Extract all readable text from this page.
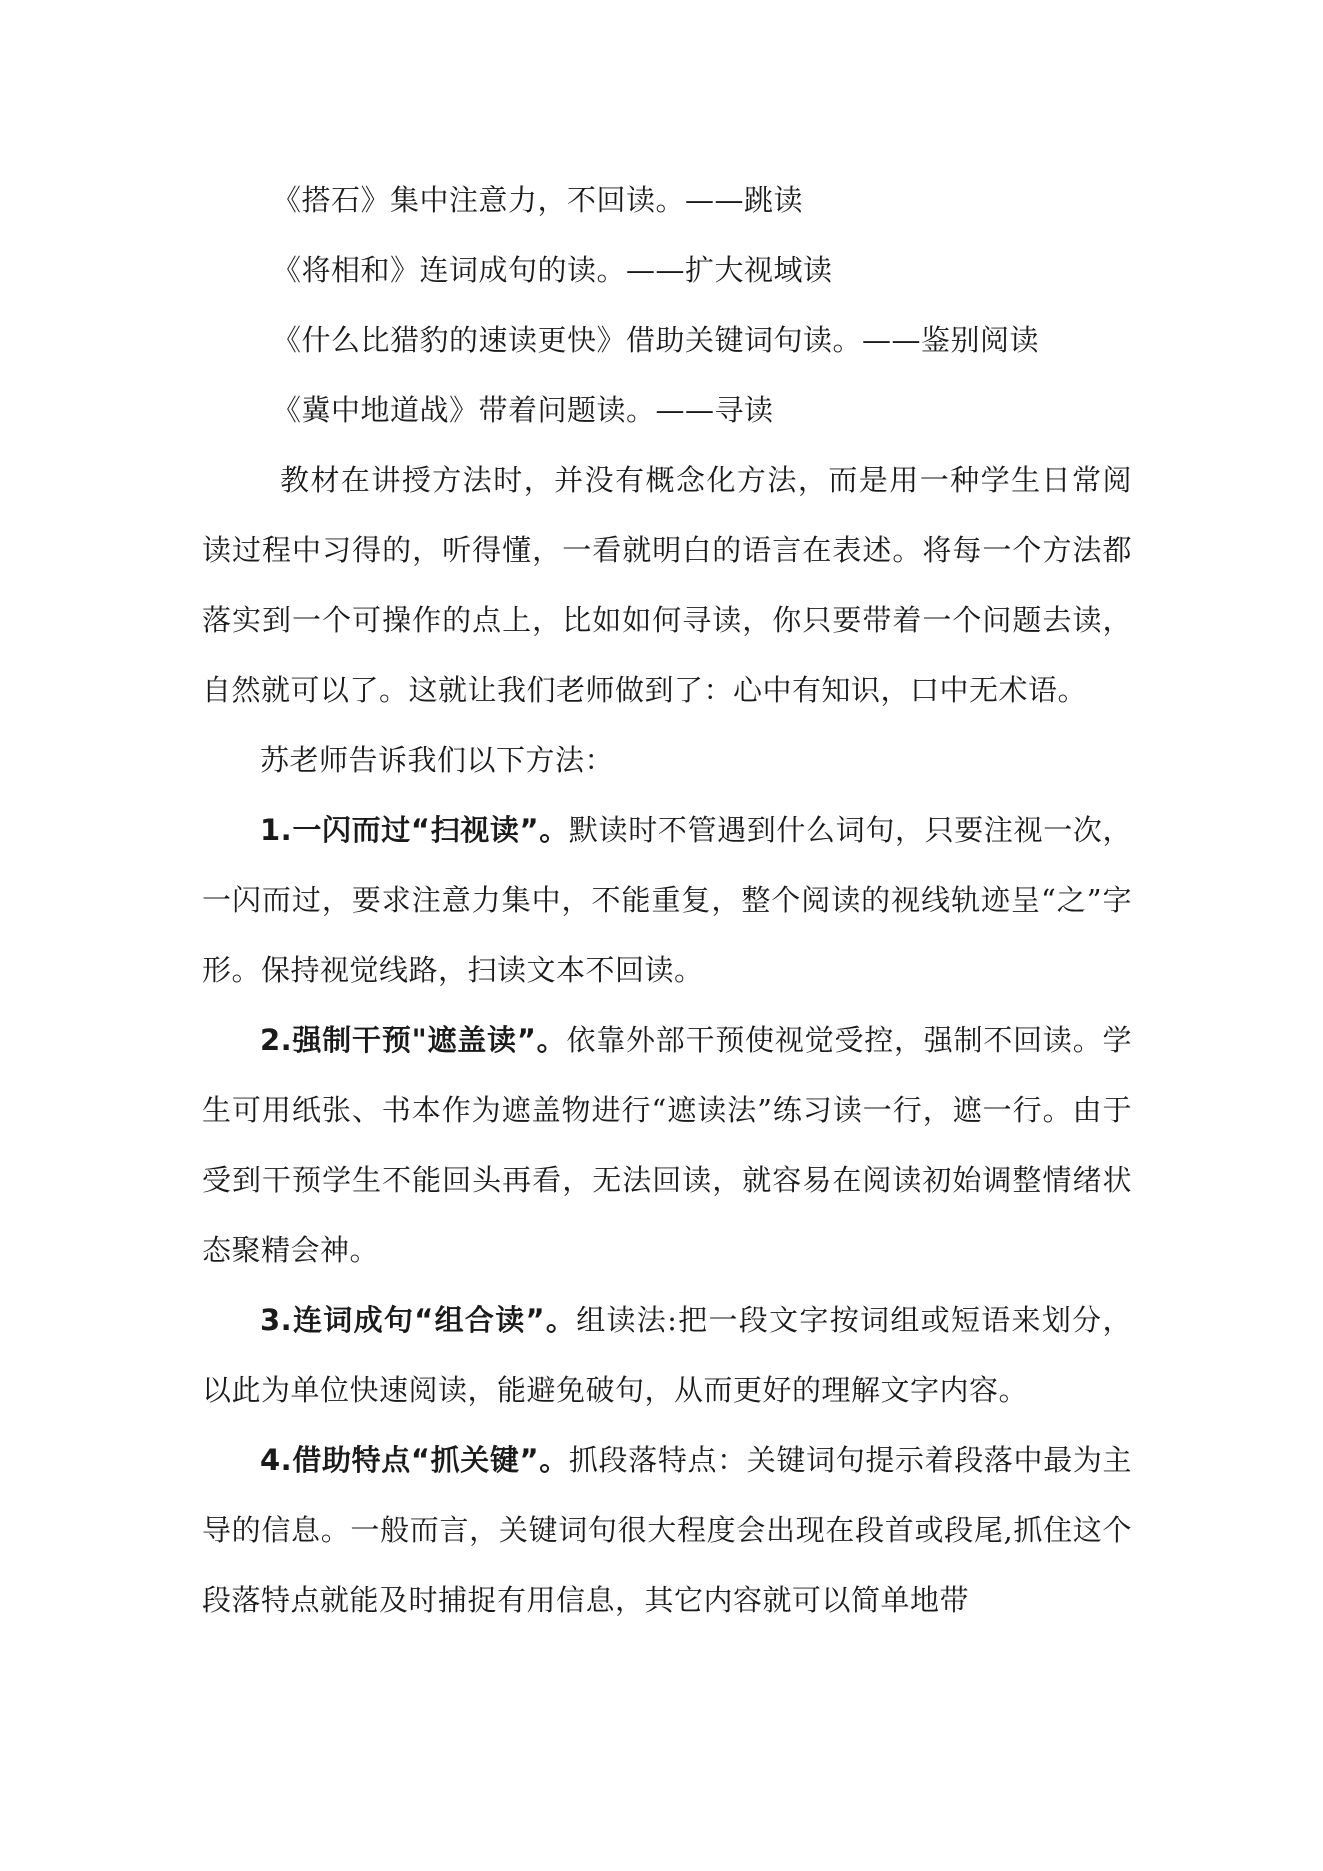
《搭石》集中注意力，不回读。——跳读
《将相和》连词成句的读。——扩大视域读
《什么比猎豹的速读更快》借助关键词句读。——鉴别阅读
《冀中地道战》带着问题读。——寻读

教材在讲授方法时，并没有概念化方法，而是用一种学生日常阅读过程中习得的，听得懂，一看就明白的语言在表述。将每一个方法都落实到一个可操作的点上，比如如何寻读，你只要带着一个问题去读，自然就可以了。这就让我们老师做到了：心中有知识，口中无术语。

苏老师告诉我们以下方法：

1.一闪而过“扫视读”。默读时不管遇到什么词句，只要注视一次，一闪而过，要求注意力集中，不能重复，整个阅读的视线轨迹呈“之”字形。保持视觉线路，扫读文本不回读。

2.强制干预"遮盖读”。依靠外部干预使视觉受控，强制不回读。学生可用纸张、书本作为遮盖物进行“遮读法”练习读一行，遮一行。由于受到干预学生不能回头再看，无法回读，就容易在阅读初始调整情绪状态聚精会神。

3.连词成句“组合读”。组读法:把一段文字按词组或短语来划分，以此为单位快速阅读，能避免破句，从而更好的理解文字内容。

4.借助特点“抓关键”。抓段落特点：关键词句提示着段落中最为主导的信息。一般而言，关键词句很大程度会出现在段首或段尾,抓住这个段落特点就能及时捕捉有用信息，其它内容就可以简单地带
